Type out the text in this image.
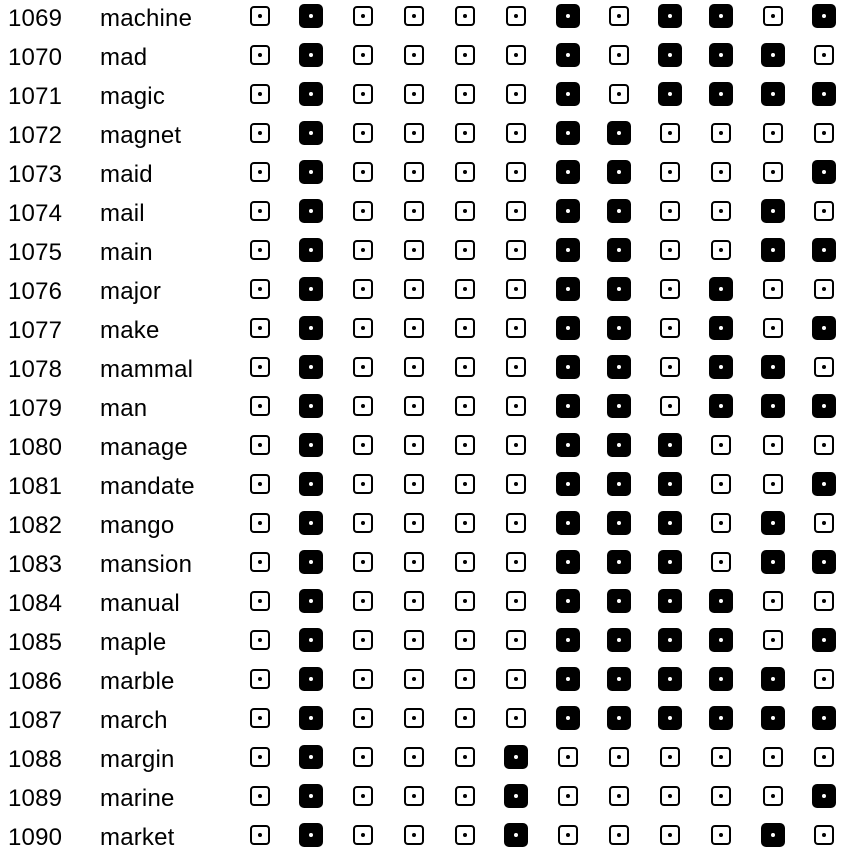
1069 machine
1070 mad
1071 magic
1072 magnet
1073 maid
1074 mail
1075 main
1076 major
1077 make
1078 mammal
1079 man
1080 manage
1081 mandate
1082 mango
1083 mansion
1084 manual
1085 maple
1086 marble
1087 march
1088 margin
1089 marine
1090 market
